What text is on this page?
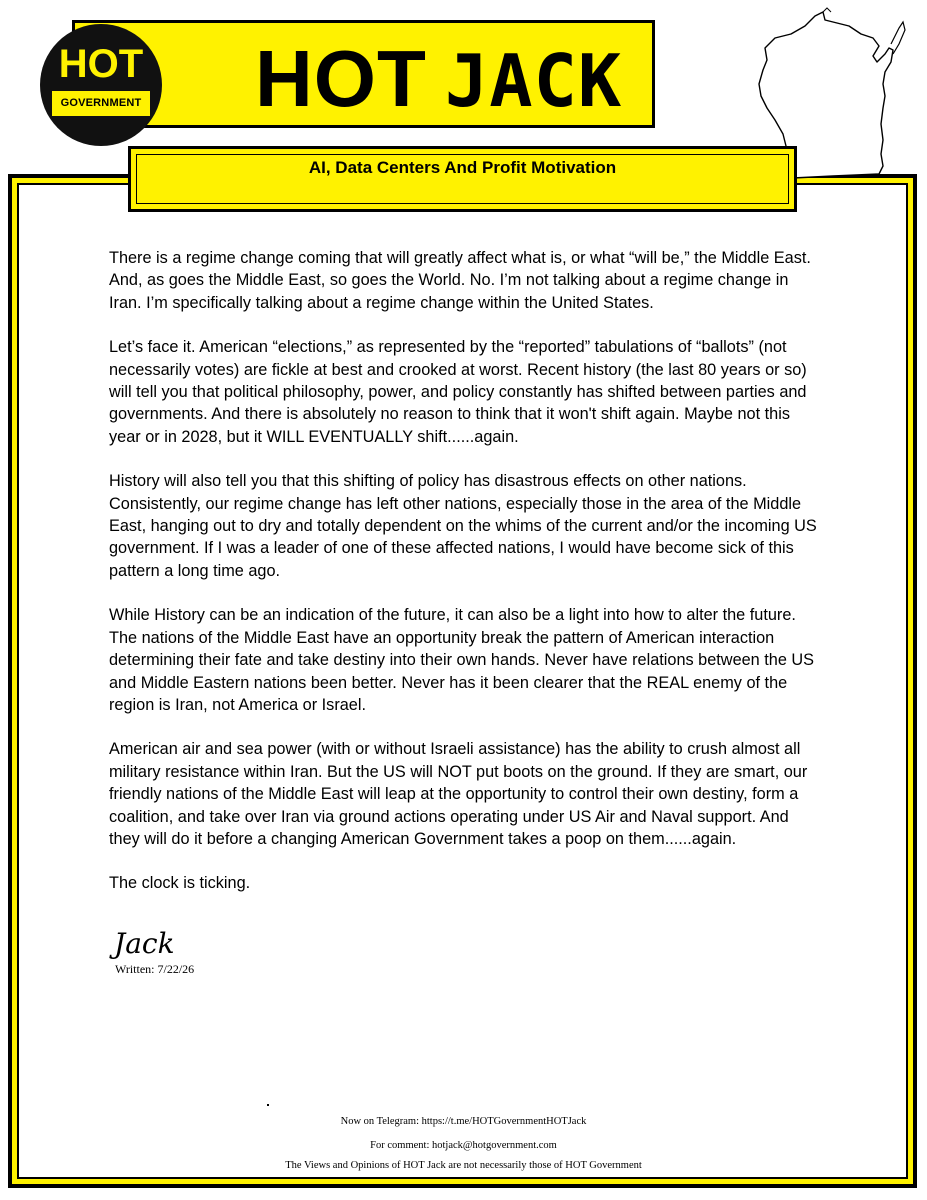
HOT JACK
HOT
GOVERNMENT
AI, Data Centers And Profit Motivation

There is a regime change coming that will greatly affect what is, or what “will be,” the Middle East. And, as goes the Middle East, so goes the World. No. I’m not talking about a regime change in Iran. I’m specifically talking about a regime change within the United States.

Let’s face it. American “elections,” as represented by the “reported” tabulations of “ballots” (not necessarily votes) are fickle at best and crooked at worst. Recent history (the last 80 years or so) will tell you that political philosophy, power, and policy constantly has shifted between parties and governments. And there is absolutely no reason to think that it won't shift again. Maybe not this year or in 2028, but it WILL EVENTUALLY shift......again.

History will also tell you that this shifting of policy has disastrous effects on other nations. Consistently, our regime change has left other nations, especially those in the area of the Middle East, hanging out to dry and totally dependent on the whims of the current and/or the incoming US government. If I was a leader of one of these affected nations, I would have become sick of this pattern a long time ago.

While History can be an indication of the future, it can also be a light into how to alter the future. The nations of the Middle East have an opportunity break the pattern of American interaction determining their fate and take destiny into their own hands. Never have relations between the US and Middle Eastern nations been better. Never has it been clearer that the REAL enemy of the region is Iran, not America or Israel.

American air and sea power (with or without Israeli assistance) has the ability to crush almost all military resistance within Iran. But the US will NOT put boots on the ground. If they are smart, our friendly nations of the Middle East will leap at the opportunity to control their own destiny, form a coalition, and take over Iran via ground actions operating under US Air and Naval support. And they will do it before a changing American Government takes a poop on them......again.

The clock is ticking.

Jack
Written: 7/22/26
Now on Telegram: https://t.me/HOTGovernmentHOTJack
For comment: hotjack@hotgovernment.com
The Views and Opinions of HOT Jack are not necessarily those of HOT Government
